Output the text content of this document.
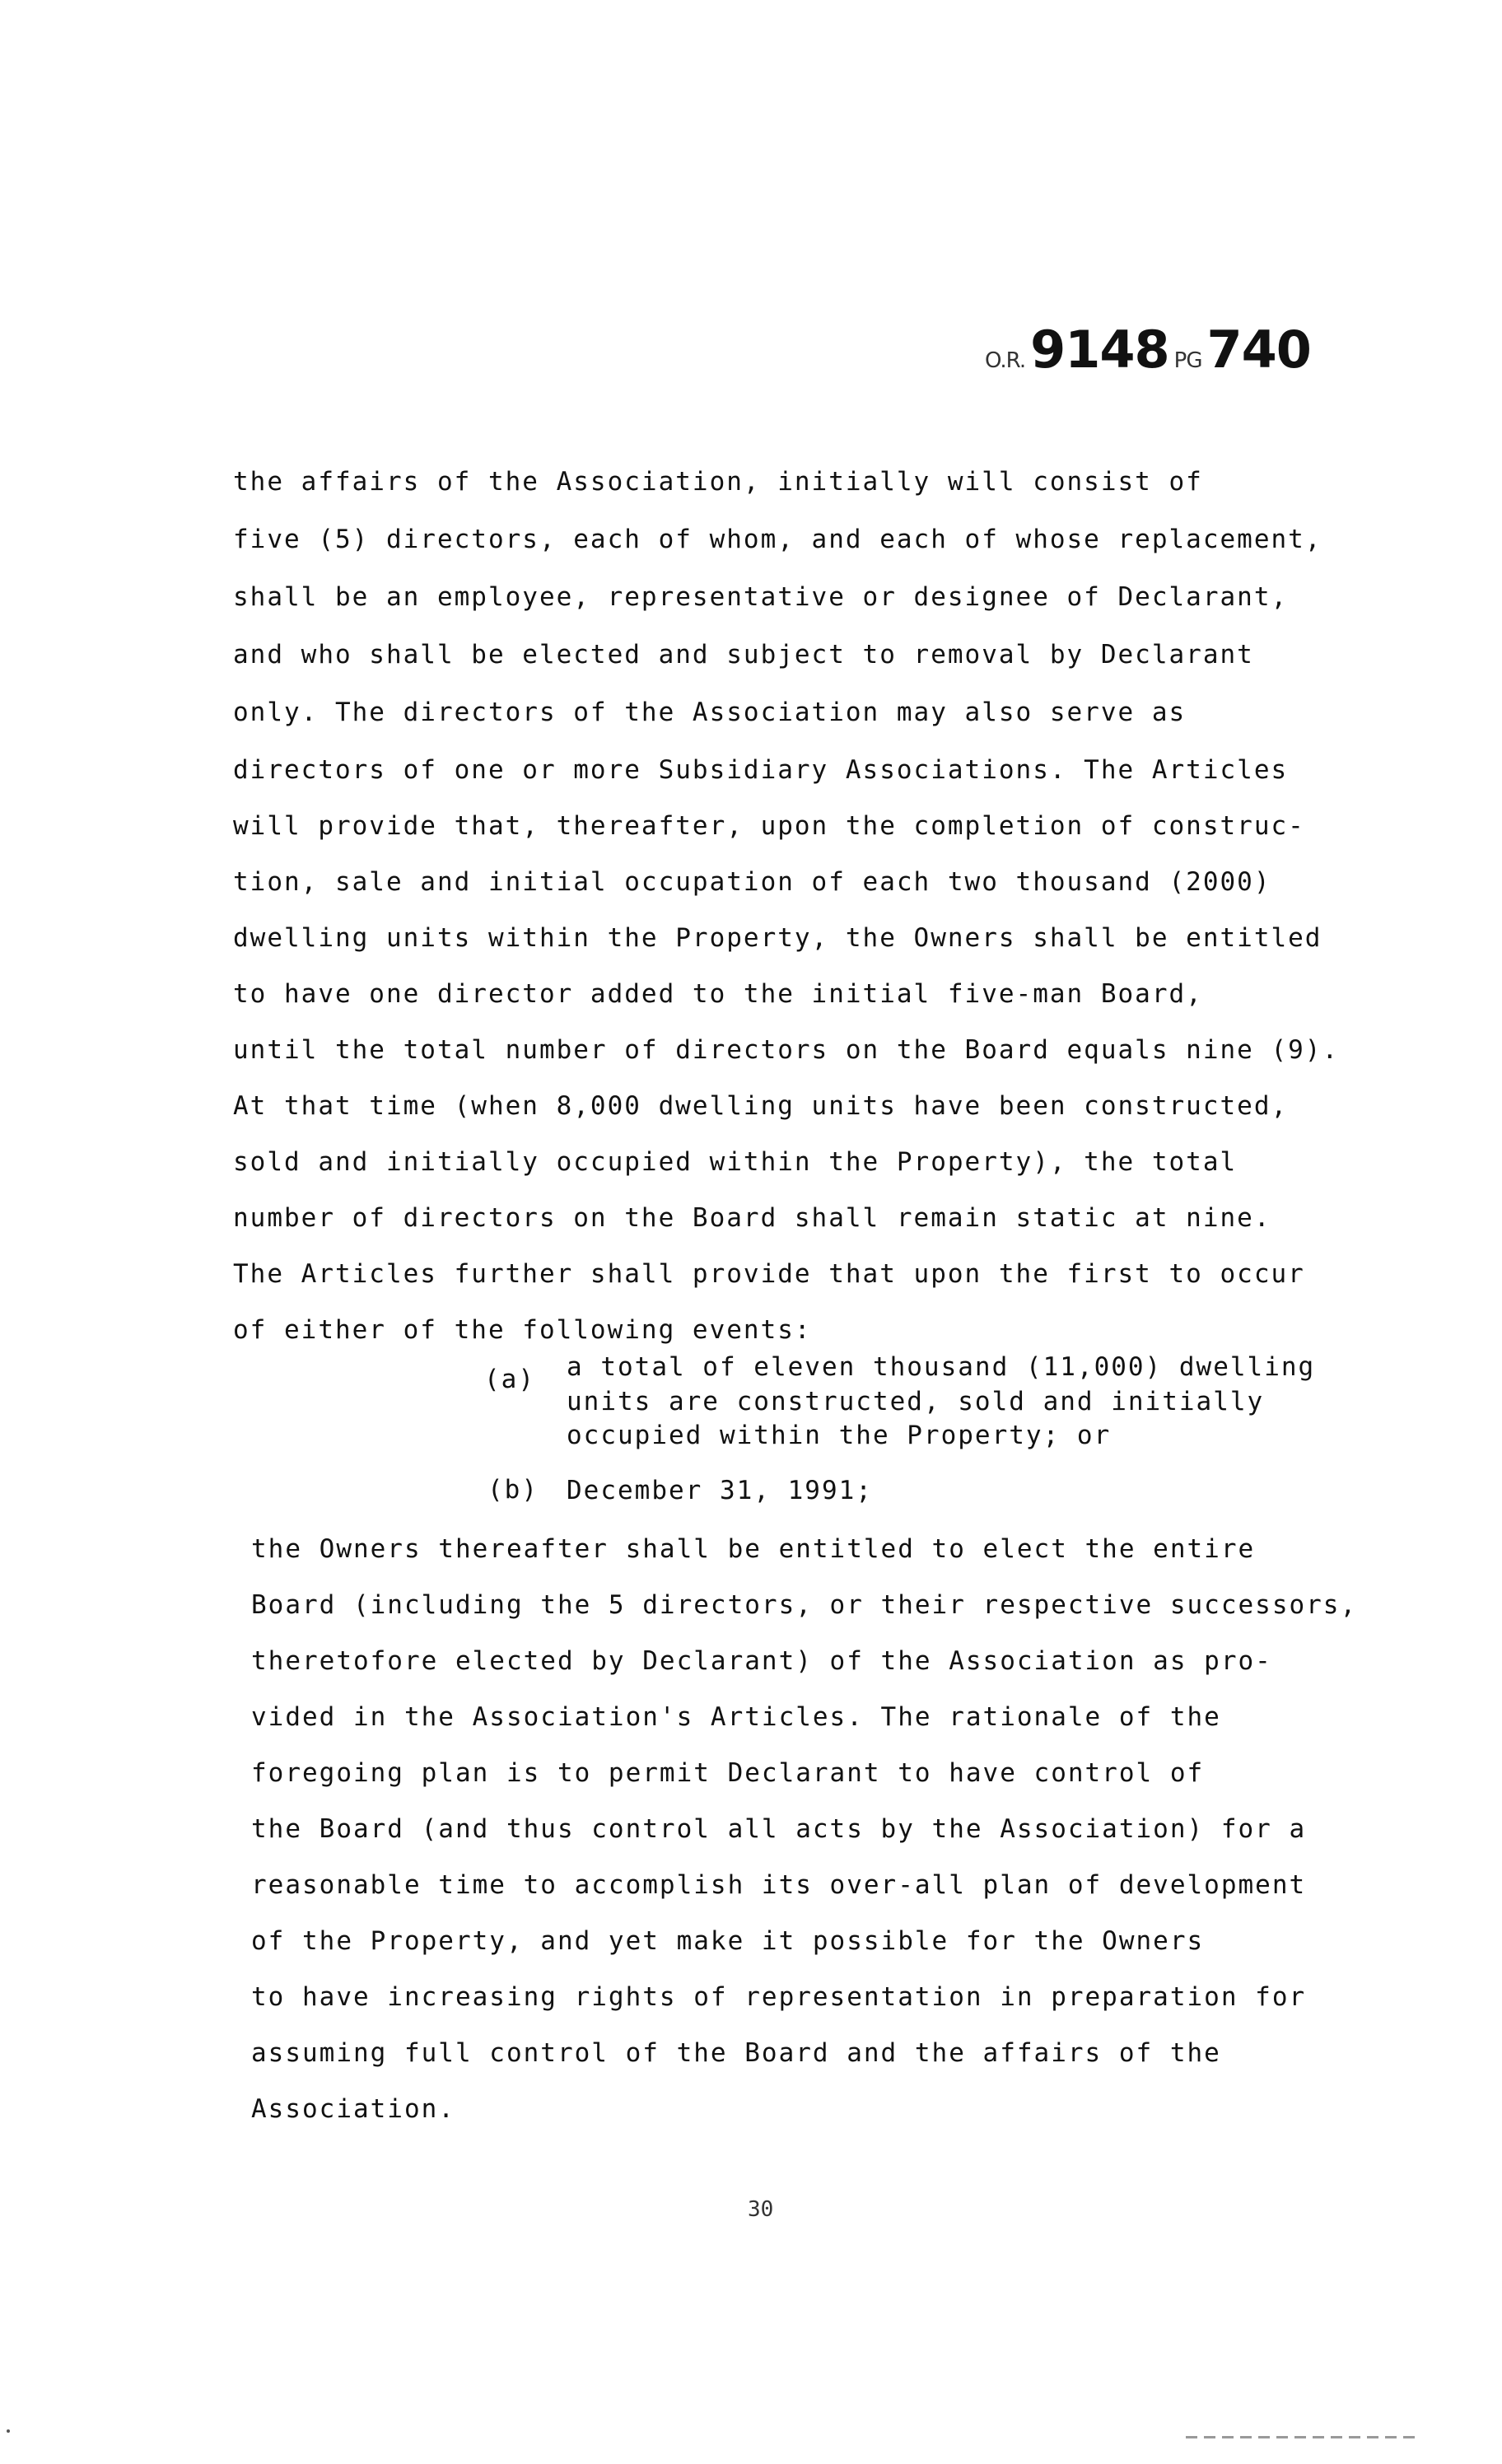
O.R.9148 PG740
the affairs of the Association, initially will consist of
five (5) directors, each of whom, and each of whose replacement,
shall be an employee, representative or designee of Declarant,
and who shall be elected and subject to removal by Declarant
only. The directors of the Association may also serve as
directors of one or more Subsidiary Associations. The Articles
will provide that, thereafter, upon the completion of construc-
tion, sale and initial occupation of each two thousand (2000)
dwelling units within the Property, the Owners shall be entitled
to have one director added to the initial five-man Board,
until the total number of directors on the Board equals nine (9).
At that time (when 8,000 dwelling units have been constructed,
sold and initially occupied within the Property), the total
number of directors on the Board shall remain static at nine.
The Articles further shall provide that upon the first to occur
of either of the following events:
(a) a total of eleven thousand (11,000) dwelling
units are constructed, sold and initially
occupied within the Property; or
(b) December 31, 1991;
the Owners thereafter shall be entitled to elect the entire
Board (including the 5 directors, or their respective successors,
theretofore elected by Declarant) of the Association as pro-
vided in the Association's Articles. The rationale of the
foregoing plan is to permit Declarant to have control of
the Board (and thus control all acts by the Association) for a
reasonable time to accomplish its over-all plan of development
of the Property, and yet make it possible for the Owners
to have increasing rights of representation in preparation for
assuming full control of the Board and the affairs of the
Association.
30
